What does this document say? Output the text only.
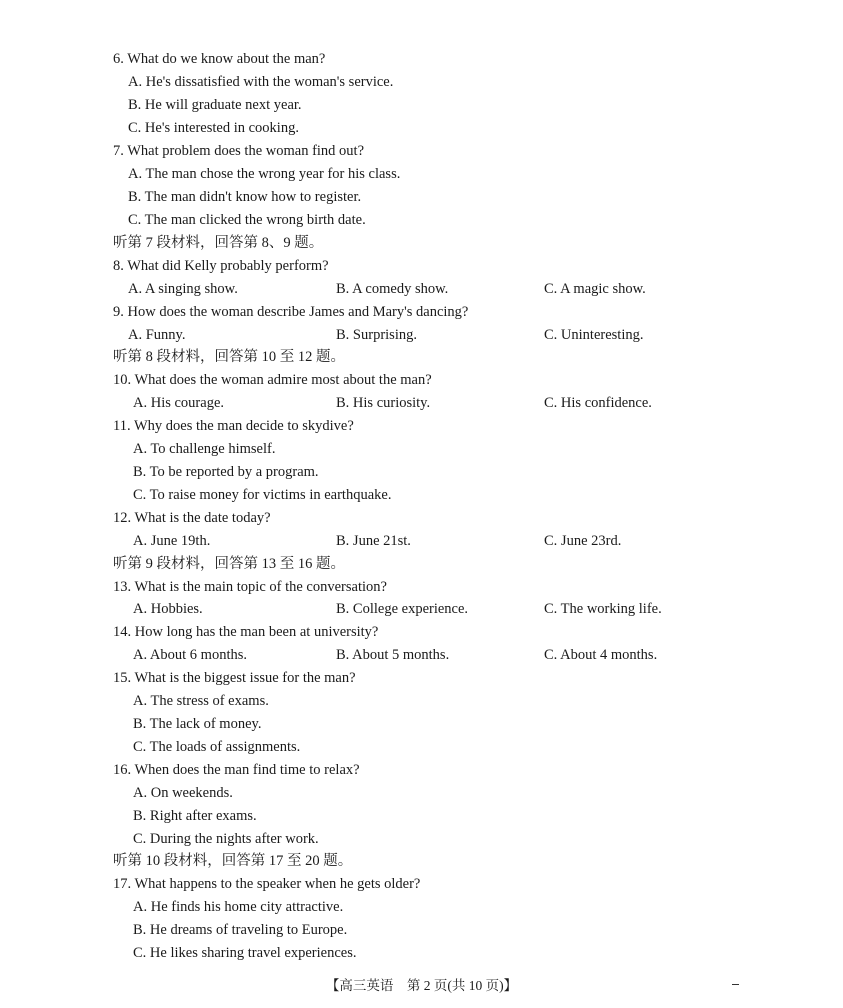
6. What do we know about the man?
A. He's dissatisfied with the woman's service.
B. He will graduate next year.
C. He's interested in cooking.
7. What problem does the woman find out?
A. The man chose the wrong year for his class.
B. The man didn't know how to register.
C. The man clicked the wrong birth date.
听第 7 段材料，回答第 8、9 题。
8. What did Kelly probably perform?
A. A singing show.	B. A comedy show.	C. A magic show.
9. How does the woman describe James and Mary's dancing?
A. Funny.	B. Surprising.	C. Uninteresting.
听第 8 段材料，回答第 10 至 12 题。
10. What does the woman admire most about the man?
A. His courage.	B. His curiosity.	C. His confidence.
11. Why does the man decide to skydive?
A. To challenge himself.
B. To be reported by a program.
C. To raise money for victims in earthquake.
12. What is the date today?
A. June 19th.	B. June 21st.	C. June 23rd.
听第 9 段材料，回答第 13 至 16 题。
13. What is the main topic of the conversation?
A. Hobbies.	B. College experience.	C. The working life.
14. How long has the man been at university?
A. About 6 months.	B. About 5 months.	C. About 4 months.
15. What is the biggest issue for the man?
A. The stress of exams.
B. The lack of money.
C. The loads of assignments.
16. When does the man find time to relax?
A. On weekends.
B. Right after exams.
C. During the nights after work.
听第 10 段材料，回答第 17 至 20 题。
17. What happens to the speaker when he gets older?
A. He finds his home city attractive.
B. He dreams of traveling to Europe.
C. He likes sharing travel experiences.
【高三英语　第 2 页(共 10 页)】
